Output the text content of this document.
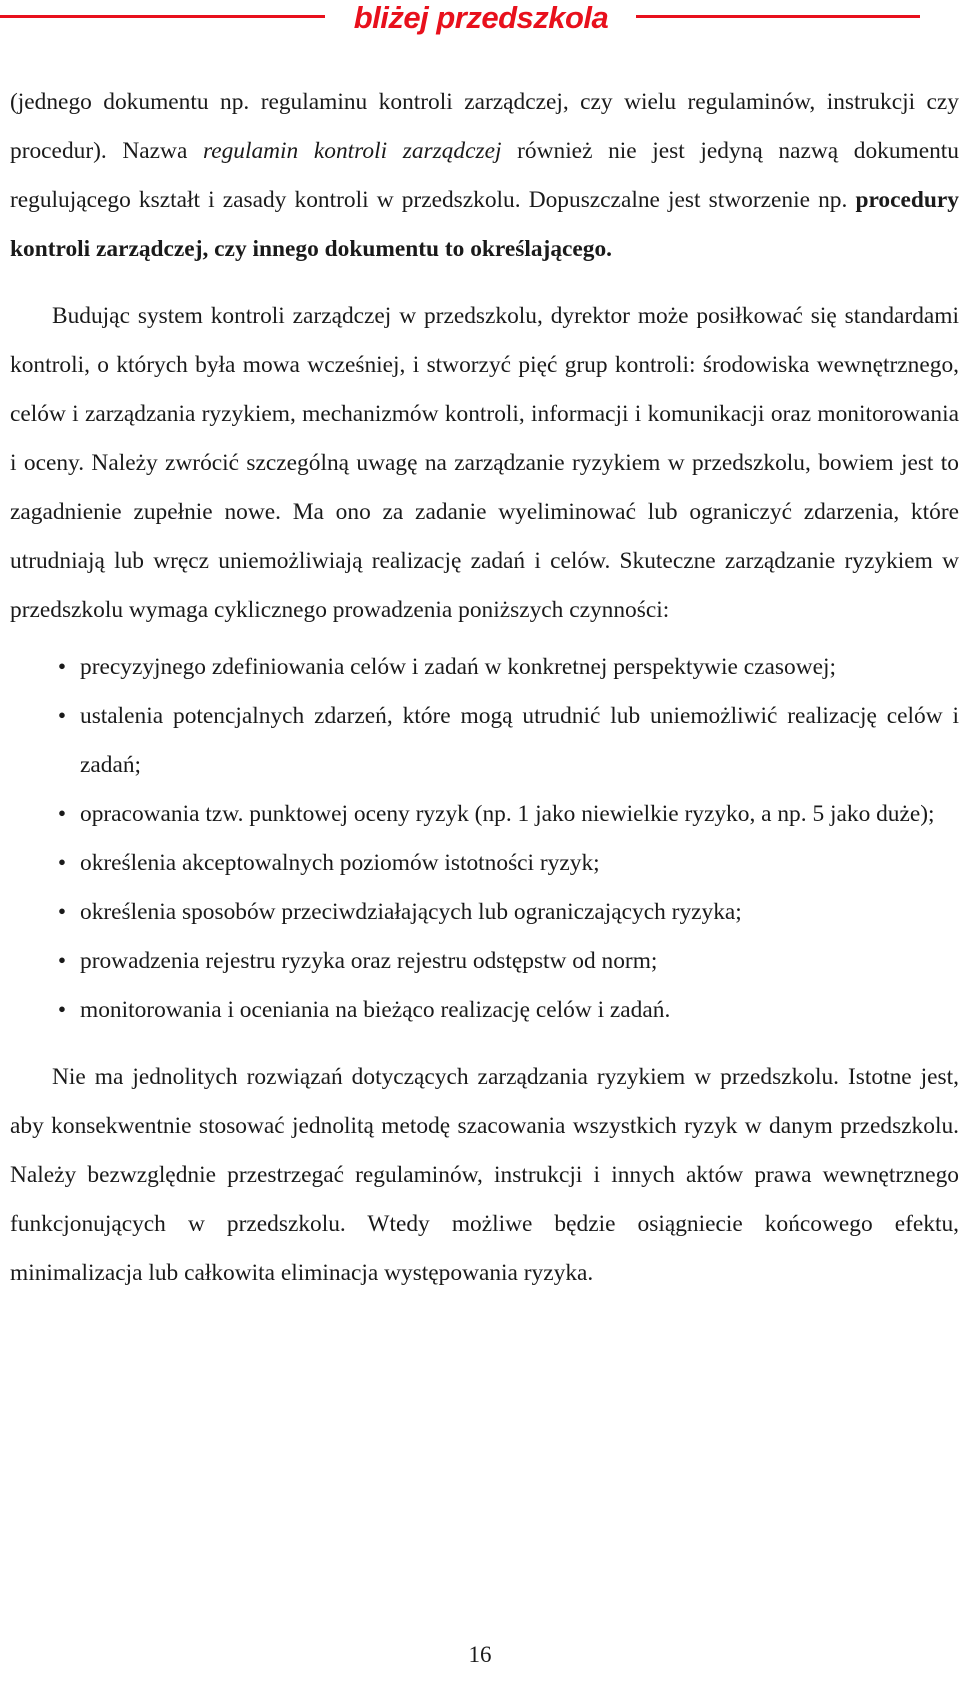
bliżej przedszkola

(jednego dokumentu np. regulaminu kontroli zarządczej, czy wielu regulaminów, instrukcji czy procedur). Nazwa regulamin kontroli zarządczej również nie jest jedyną nazwą dokumentu regulującego kształt i zasady kontroli w przedszkolu. Dopuszczalne jest stworzenie np. procedury kontroli zarządczej, czy innego dokumentu to określającego.

Budując system kontroli zarządczej w przedszkolu, dyrektor może posiłkować się standardami kontroli, o których była mowa wcześniej, i stworzyć pięć grup kontroli: środowiska wewnętrznego, celów i zarządzania ryzykiem, mechanizmów kontroli, informacji i komunikacji oraz monitorowania i oceny. Należy zwrócić szczególną uwagę na zarządzanie ryzykiem w przedszkolu, bowiem jest to zagadnienie zupełnie nowe. Ma ono za zadanie wyeliminować lub ograniczyć zdarzenia, które utrudniają lub wręcz uniemożliwiają realizację zadań i celów. Skuteczne zarządzanie ryzykiem w przedszkolu wymaga cyklicznego prowadzenia poniższych czynności:

• precyzyjnego zdefiniowania celów i zadań w konkretnej perspektywie czasowej;
• ustalenia potencjalnych zdarzeń, które mogą utrudnić lub uniemożliwić realizację celów i zadań;
• opracowania tzw. punktowej oceny ryzyk (np. 1 jako niewielkie ryzyko, a np. 5 jako duże);
• określenia akceptowalnych poziomów istotności ryzyk;
• określenia sposobów przeciwdziałających lub ograniczających ryzyka;
• prowadzenia rejestru ryzyka oraz rejestru odstępstw od norm;
• monitorowania i oceniania na bieżąco realizację celów i zadań.

Nie ma jednolitych rozwiązań dotyczących zarządzania ryzykiem w przedszkolu. Istotne jest, aby konsekwentnie stosować jednolitą metodę szacowania wszystkich ryzyk w danym przedszkolu. Należy bezwzględnie przestrzegać regulaminów, instrukcji i innych aktów prawa wewnętrznego funkcjonujących w przedszkolu. Wtedy możliwe będzie osiągniecie końcowego efektu, minimalizacja lub całkowita eliminacja występowania ryzyka.

16
